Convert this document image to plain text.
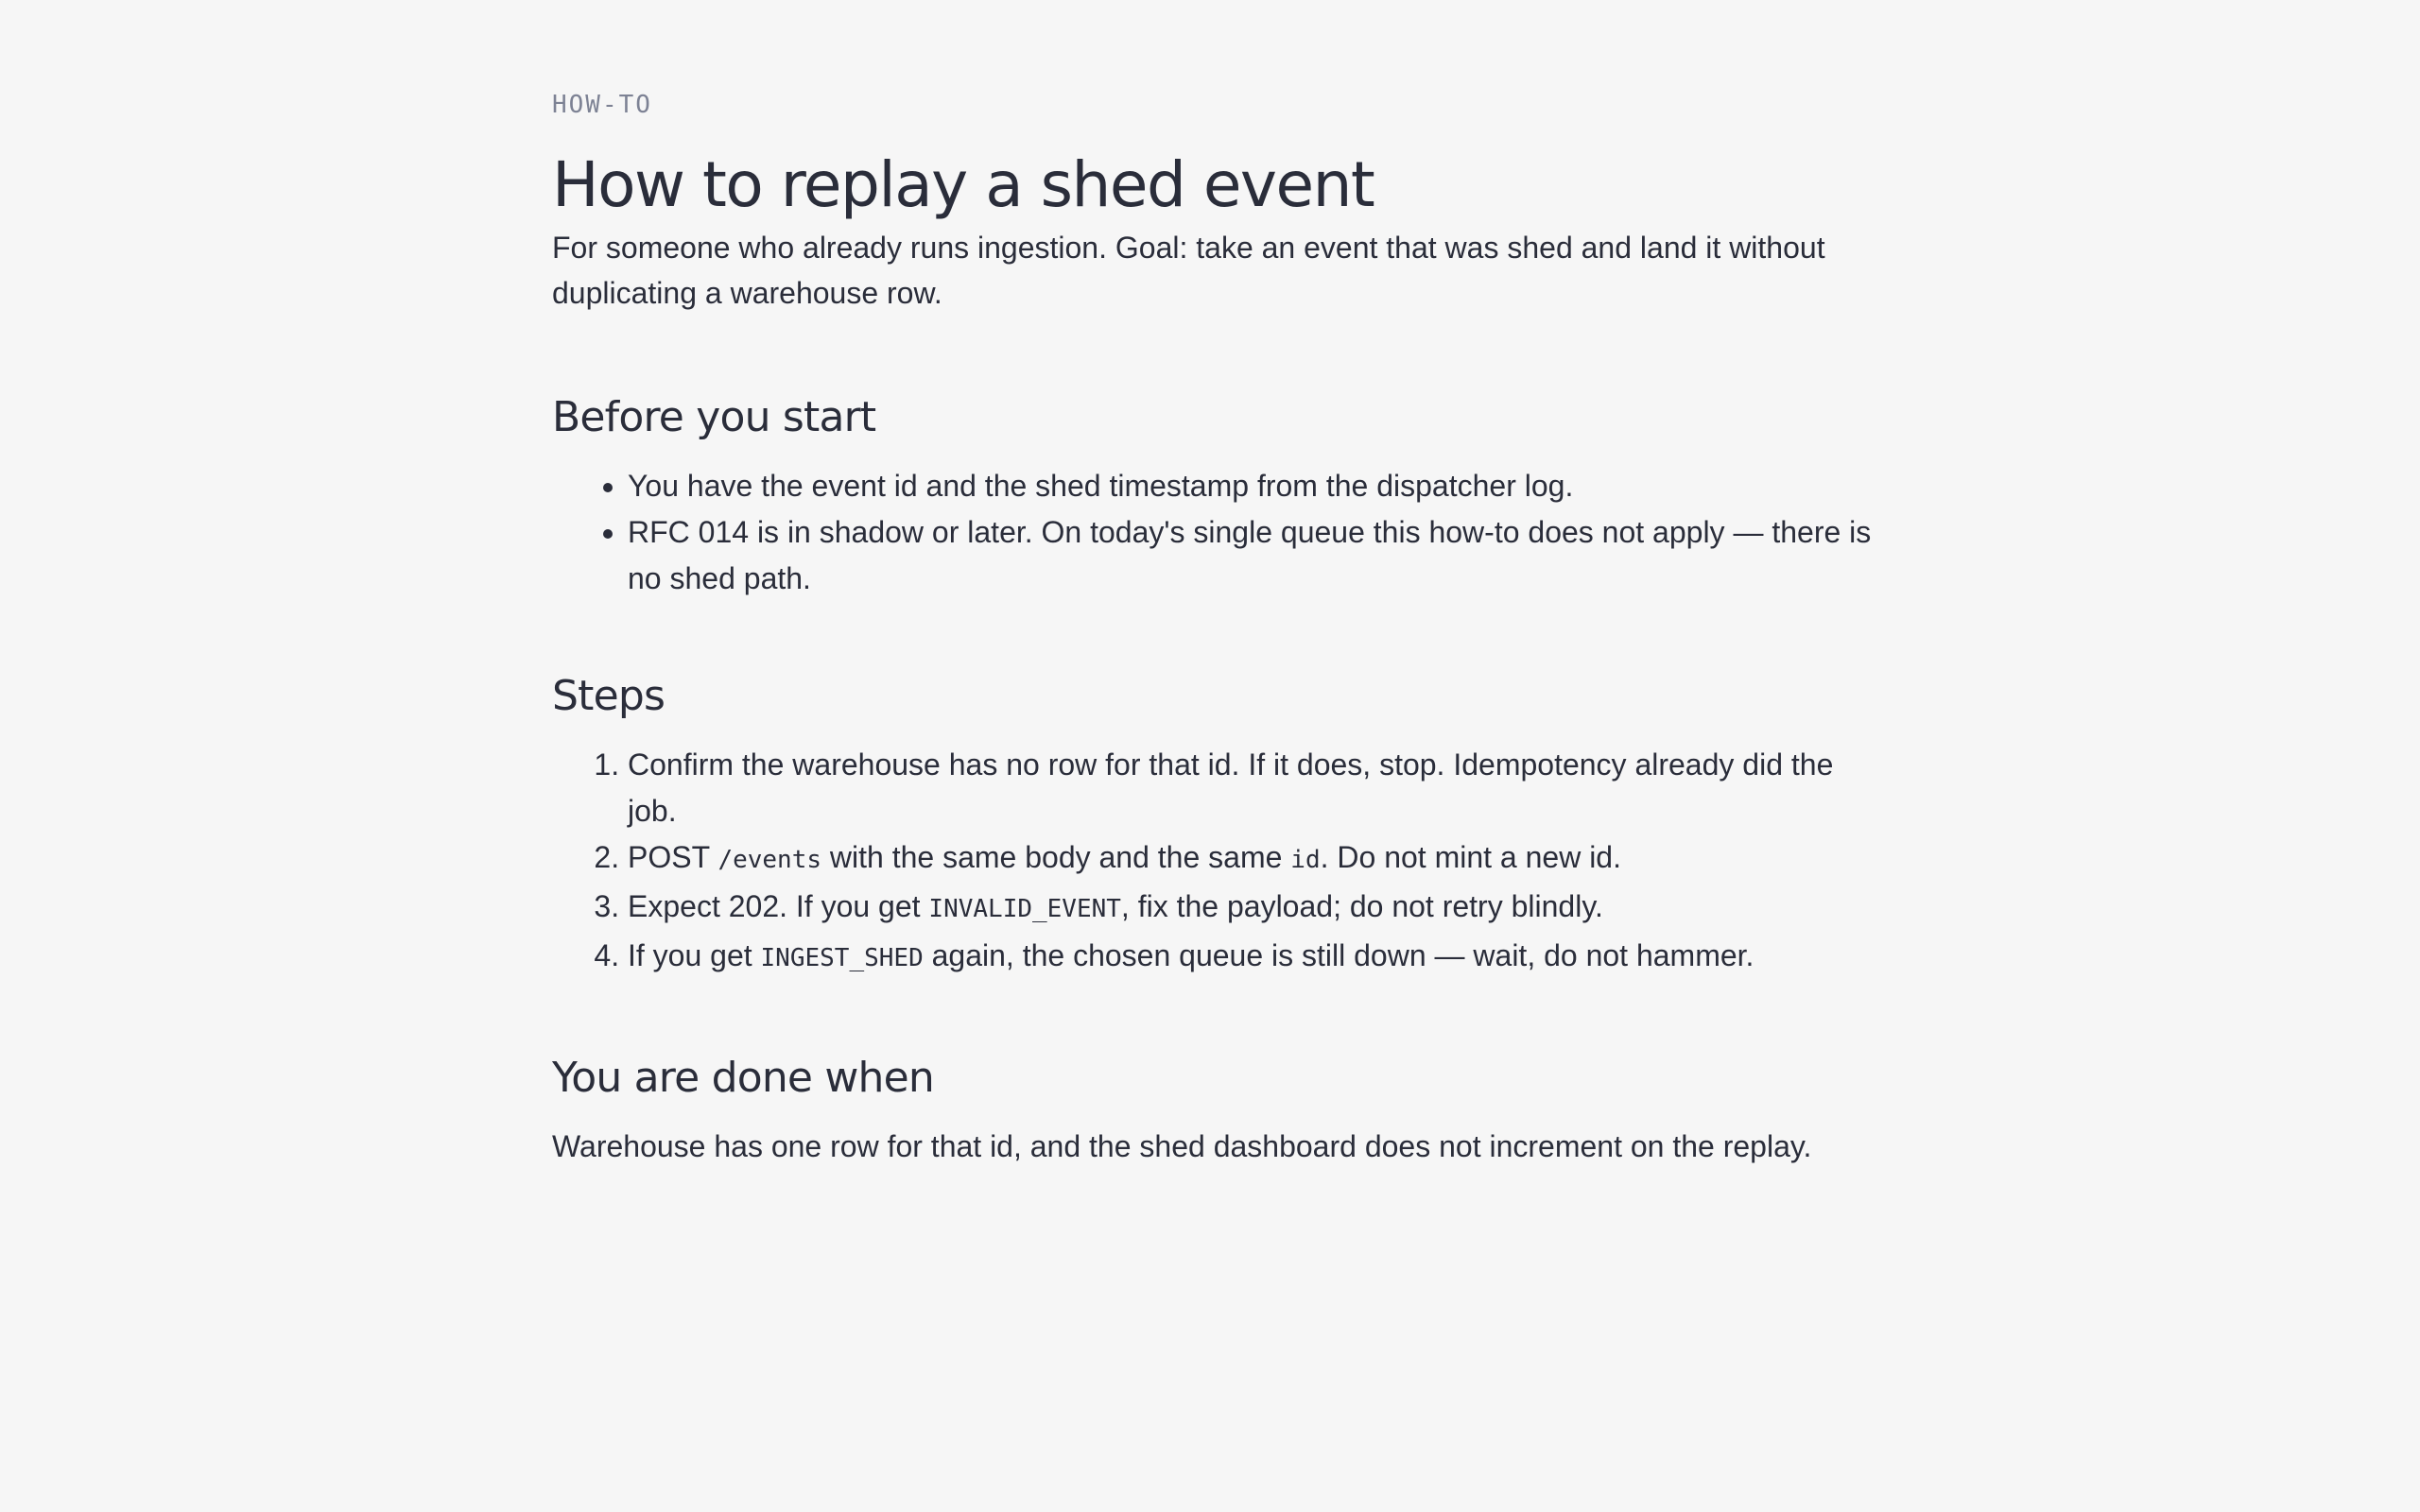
HOW-TO
How to replay a shed event

For someone who already runs ingestion. Goal: take an event that was shed and land it without duplicating a warehouse row.

Before you start
• You have the event id and the shed timestamp from the dispatcher log.
• RFC 014 is in shadow or later. On today's single queue this how-to does not apply — there is no shed path.
Steps
1. Confirm the warehouse has no row for that id. If it does, stop. Idempotency already did the job.
2. POST /events with the same body and the same id. Do not mint a new id.
3. Expect 202. If you get INVALID_EVENT, fix the payload; do not retry blindly.
4. If you get INGEST_SHED again, the chosen queue is still down — wait, do not hammer.
You are done when

Warehouse has one row for that id, and the shed dashboard does not increment on the replay.
